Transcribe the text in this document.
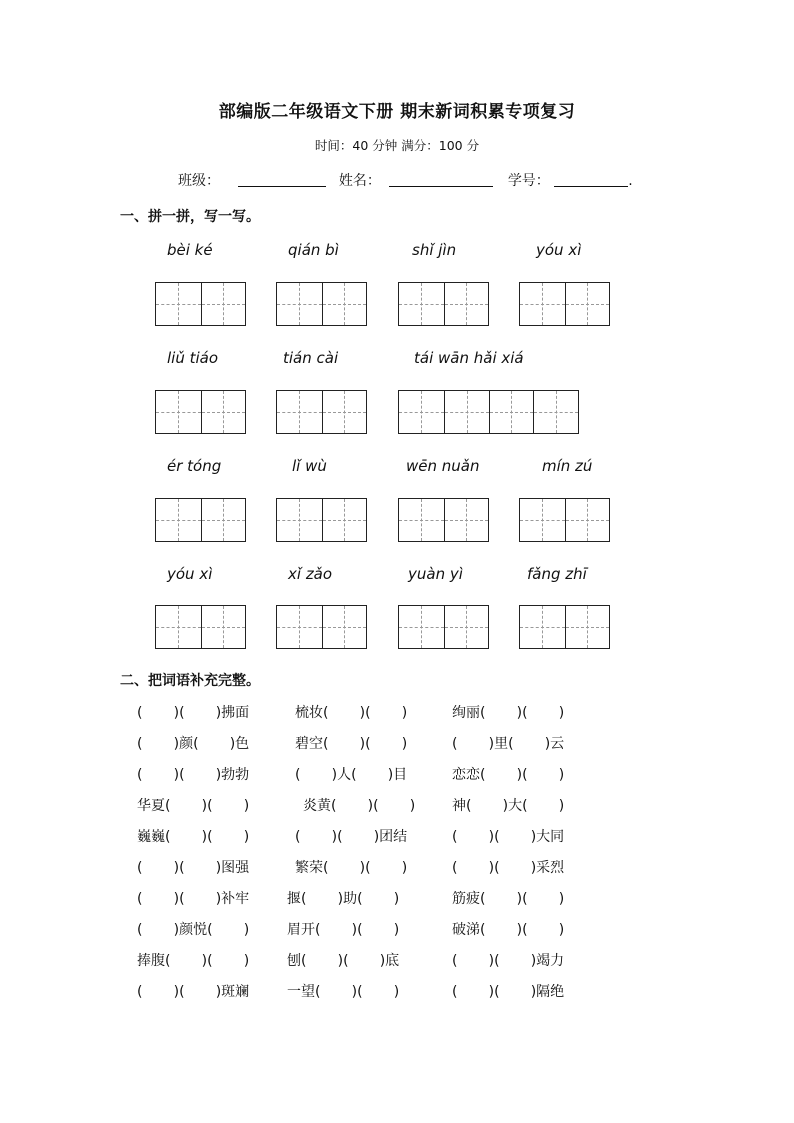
部编版二年级语文下册 期末新词积累专项复习
时间：40 分钟 满分：100 分
班级：	姓名：	学号：	.
一、拼一拼，写一写。
bèi ké	qián bì	shǐ jìn	yóu xì
liǔ tiáo	tián cài	tái wān hǎi xiá
ér tóng	lǐ wù	wēn nuǎn	mín zú
yóu xì	xǐ zǎo	yuàn yì	fǎng zhī
二、把词语补充完整。
(       )(       )拂面	梳妆(       )(       )	绚丽(       )(       )
(       )颜(       )色	碧空(       )(       )	(       )里(       )云
(       )(       )勃勃	(       )人(       )目	恋恋(       )(       )
华夏(       )(       )	炎黄(       )(       )	神(       )大(       )
巍巍(       )(       )	(       )(       )团结	(       )(       )大同
(       )(       )图强	繁荣(       )(       )	(       )(       )采烈
(       )(       )补牢	揠(       )助(       )	筋疲(       )(       )
(       )颜悦(       )	眉开(       )(       )	破涕(       )(       )
捧腹(       )(       )	刨(       )(       )底	(       )(       )竭力
(       )(       )斑斓	一望(       )(       )	(       )(       )隔绝
